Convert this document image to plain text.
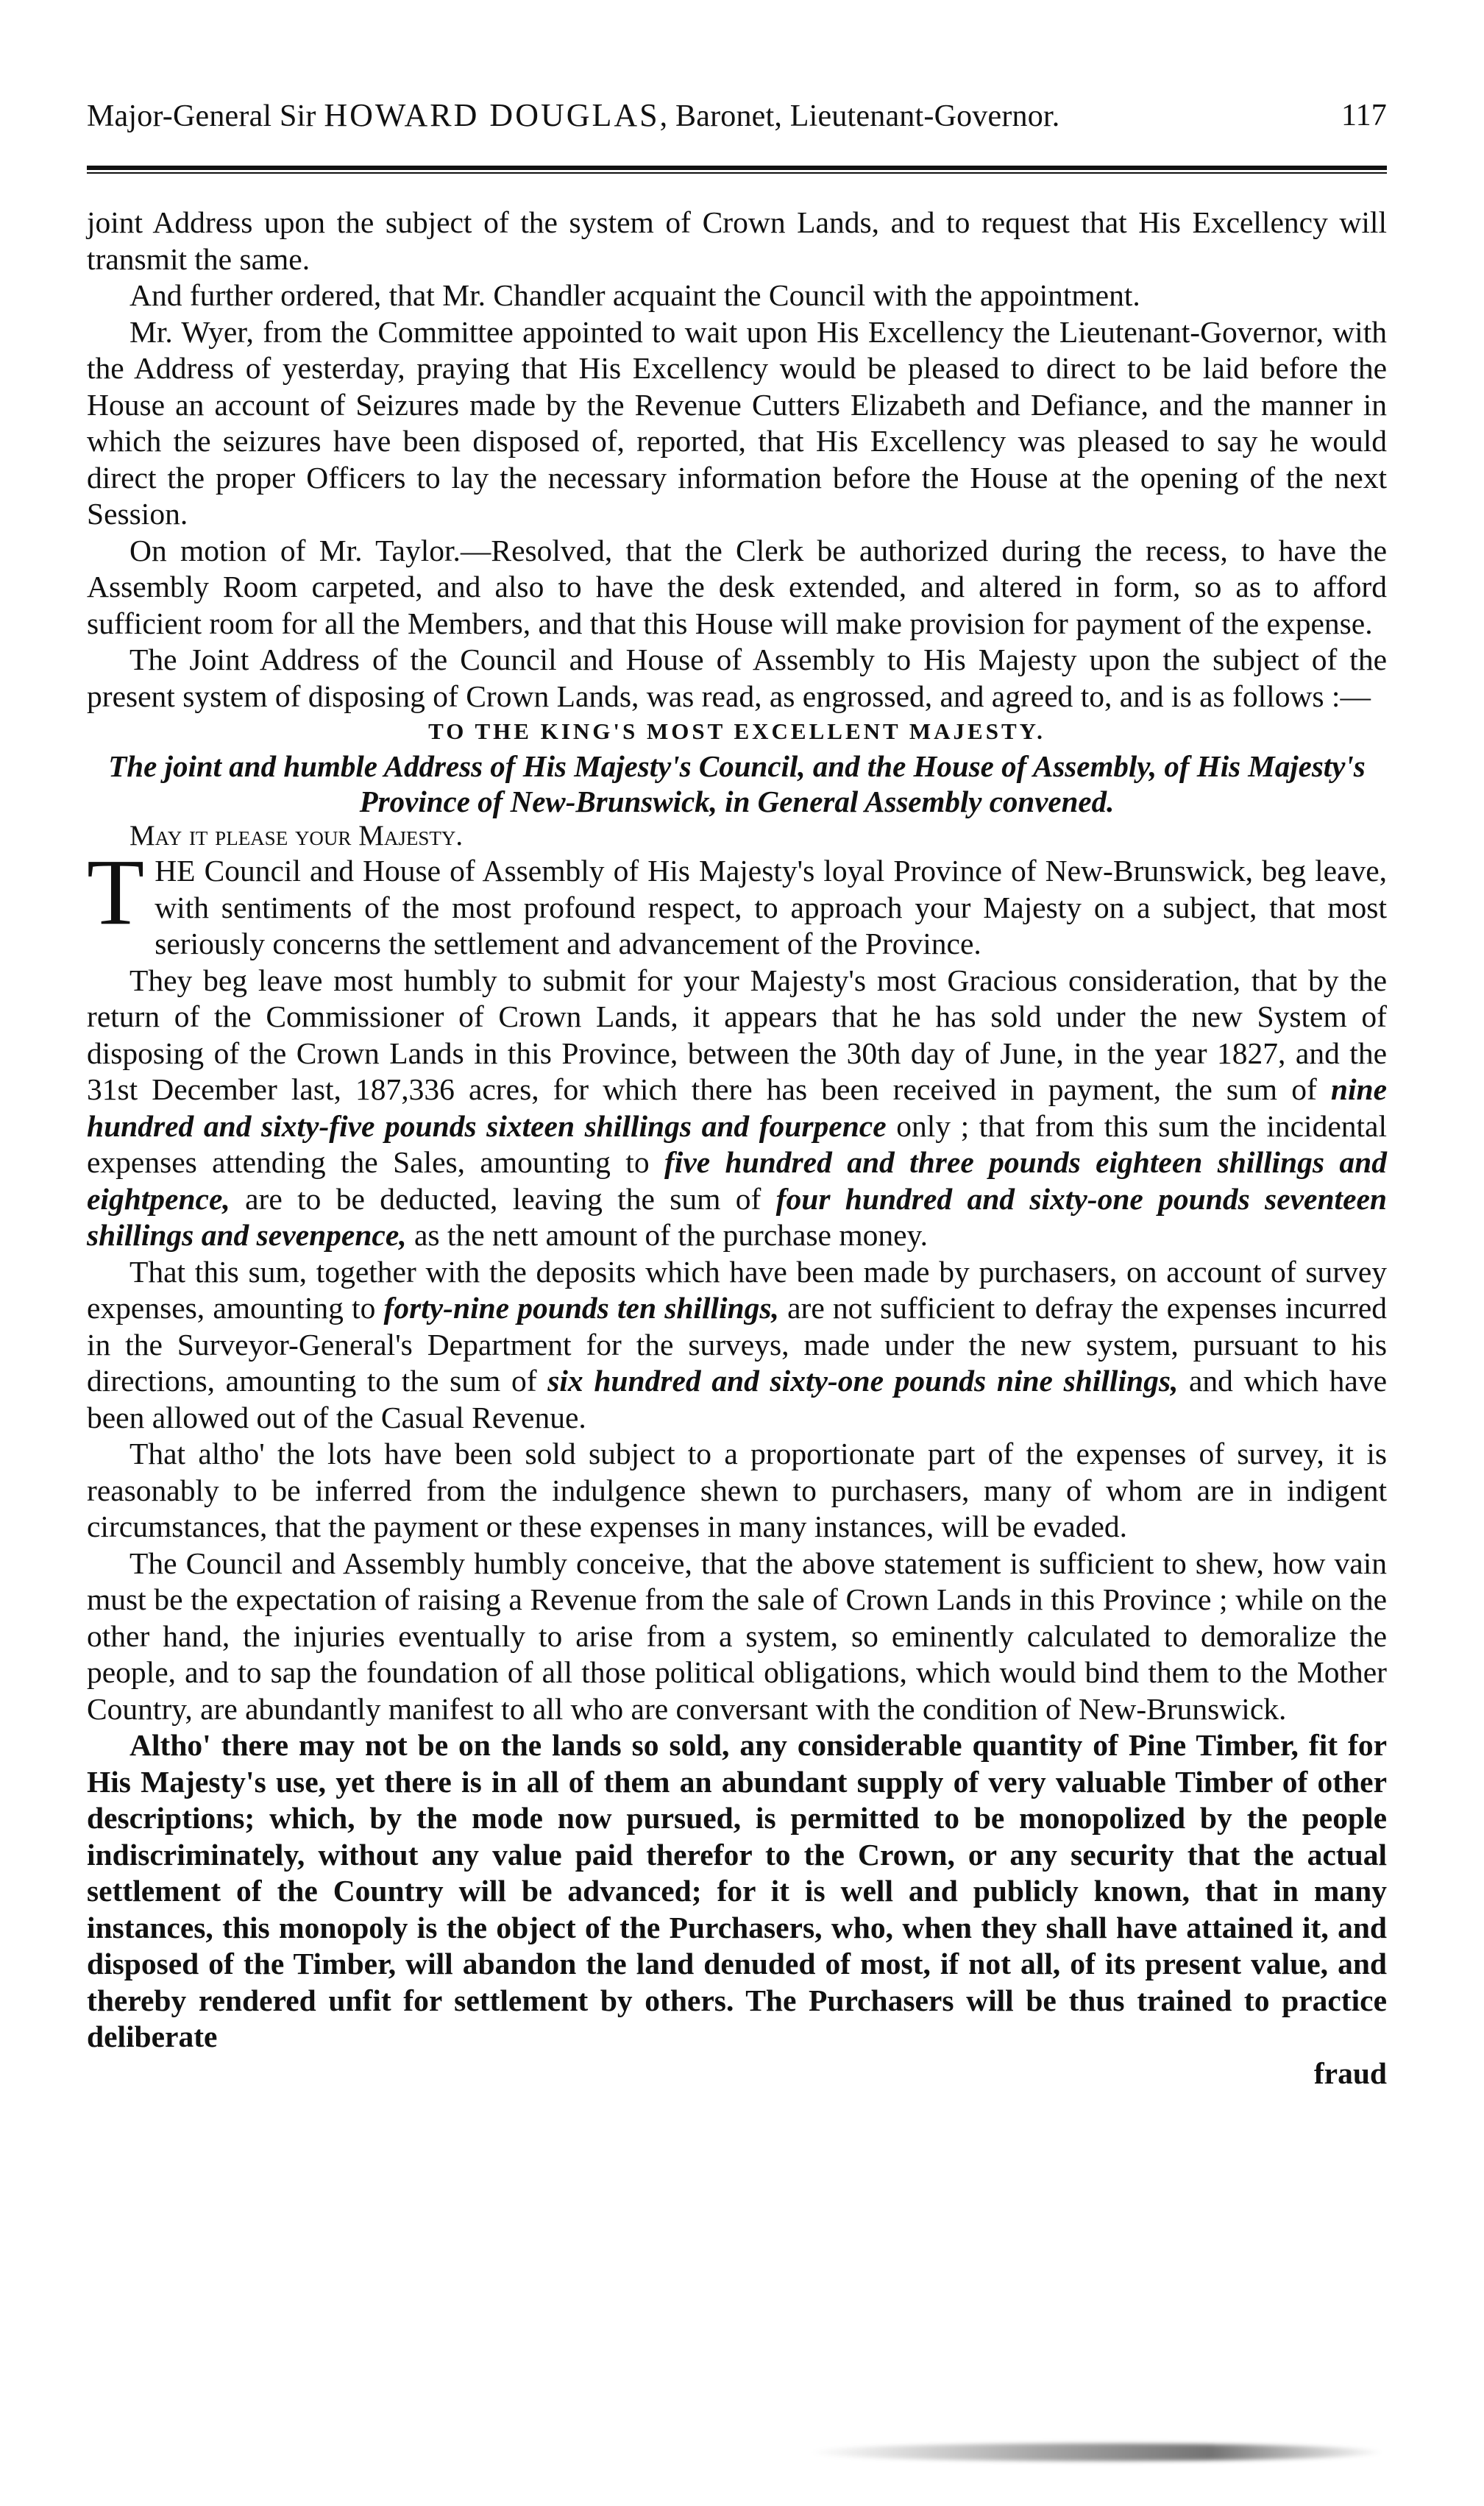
Major-General Sir HOWARD DOUGLAS, Baronet, Lieutenant-Governor.	117

joint Address upon the subject of the system of Crown Lands, and to request that His Excellency will transmit the same.

And further ordered, that Mr. Chandler acquaint the Council with the appointment.

Mr. Wyer, from the Committee appointed to wait upon His Excellency the Lieutenant-Governor, with the Address of yesterday, praying that His Excellency would be pleased to direct to be laid before the House an account of Seizures made by the Revenue Cutters Elizabeth and Defiance, and the manner in which the seizures have been disposed of, reported, that His Excellency was pleased to say he would direct the proper Officers to lay the necessary information before the House at the opening of the next Session.

On motion of Mr. Taylor.—Resolved, that the Clerk be authorized during the recess, to have the Assembly Room carpeted, and also to have the desk extended, and altered in form, so as to afford sufficient room for all the Members, and that this House will make provision for payment of the expense.

The Joint Address of the Council and House of Assembly to His Majesty upon the subject of the present system of disposing of Crown Lands, was read, as engrossed, and agreed to, and is as follows :—

TO THE KING'S MOST EXCELLENT MAJESTY.
The joint and humble Address of His Majesty's Council, and the House of Assembly, of His Majesty's Province of New-Brunswick, in General Assembly convened.
May it please your Majesty.

THE Council and House of Assembly of His Majesty's loyal Province of New-Brunswick, beg leave, with sentiments of the most profound respect, to approach your Majesty on a subject, that most seriously concerns the settlement and advancement of the Province.

They beg leave most humbly to submit for your Majesty's most Gracious consideration, that by the return of the Commissioner of Crown Lands, it appears that he has sold under the new System of disposing of the Crown Lands in this Province, between the 30th day of June, in the year 1827, and the 31st December last, 187,336 acres, for which there has been received in payment, the sum of nine hundred and sixty-five pounds sixteen shillings and fourpence only ; that from this sum the incidental expenses attending the Sales, amounting to five hundred and three pounds eighteen shillings and eightpence, are to be deducted, leaving the sum of four hundred and sixty-one pounds seventeen shillings and sevenpence, as the nett amount of the purchase money.

That this sum, together with the deposits which have been made by purchasers, on account of survey expenses, amounting to forty-nine pounds ten shillings, are not sufficient to defray the expenses incurred in the Surveyor-General's Department for the surveys, made under the new system, pursuant to his directions, amounting to the sum of six hundred and sixty-one pounds nine shillings, and which have been allowed out of the Casual Revenue.

That altho' the lots have been sold subject to a proportionate part of the expenses of survey, it is reasonably to be inferred from the indulgence shewn to purchasers, many of whom are in indigent circumstances, that the payment or these expenses in many instances, will be evaded.

The Council and Assembly humbly conceive, that the above statement is sufficient to shew, how vain must be the expectation of raising a Revenue from the sale of Crown Lands in this Province ; while on the other hand, the injuries eventually to arise from a system, so eminently calculated to demoralize the people, and to sap the foundation of all those political obligations, which would bind them to the Mother Country, are abundantly manifest to all who are conversant with the condition of New-Brunswick.

Altho' there may not be on the lands so sold, any considerable quantity of Pine Timber, fit for His Majesty's use, yet there is in all of them an abundant supply of very valuable Timber of other descriptions; which, by the mode now pursued, is permitted to be monopolized by the people indiscriminately, without any value paid therefor to the Crown, or any security that the actual settlement of the Country will be advanced; for it is well and publicly known, that in many instances, this monopoly is the object of the Purchasers, who, when they shall have attained it, and disposed of the Timber, will abandon the land denuded of most, if not all, of its present value, and thereby rendered unfit for settlement by others. The Purchasers will be thus trained to practice deliberate

fraud
